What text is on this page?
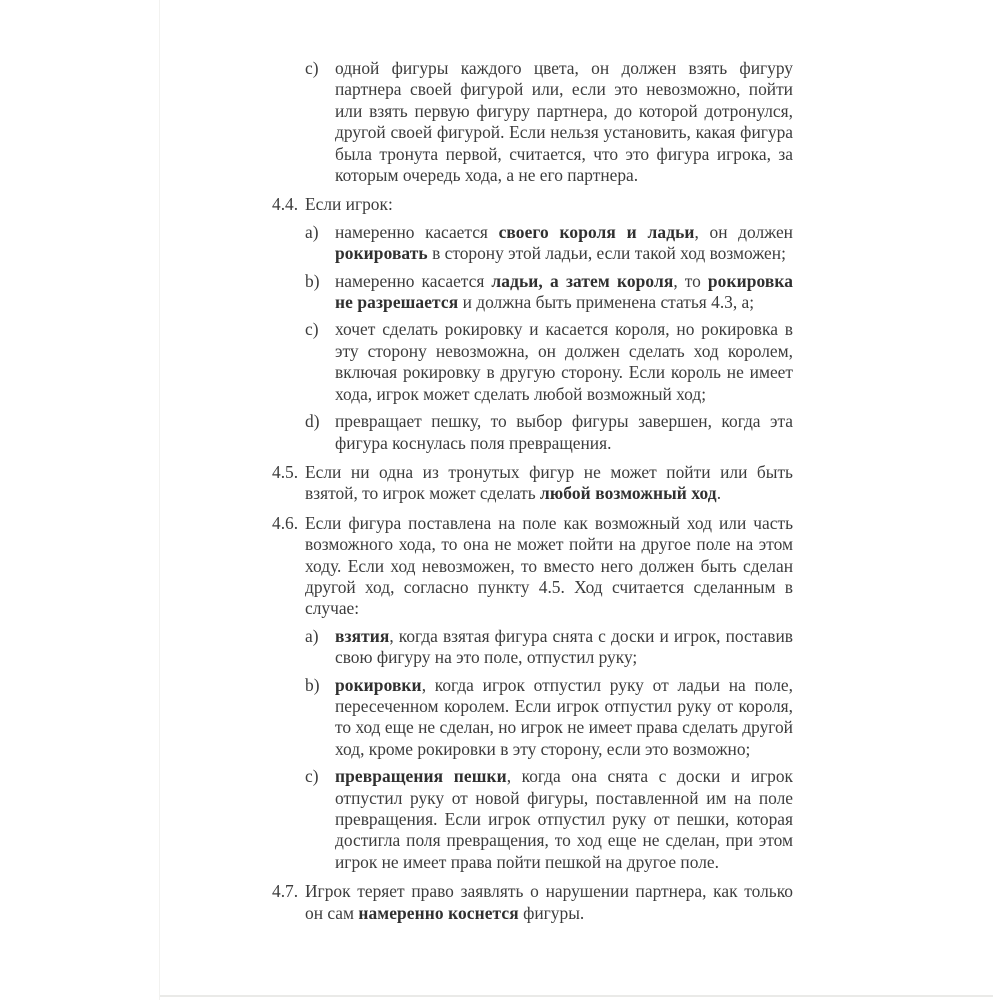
c) одной фигуры каждого цвета, он должен взять фигуру партнера своей фигурой или, если это невозможно, пойти или взять первую фигуру партнера, до которой дотронулся, другой своей фигурой. Если нельзя установить, какая фигура была тронута первой, считается, что это фигура игрока, за которым очередь хода, а не его партнера.
4.4. Если игрок:
a) намеренно касается своего короля и ладьи, он должен рокировать в сторону этой ладьи, если такой ход возможен;
b) намеренно касается ладьи, а затем короля, то рокировка не разрешается и должна быть применена статья 4.3, а;
c) хочет сделать рокировку и касается короля, но рокировка в эту сторону невозможна, он должен сделать ход королем, включая рокировку в другую сторону. Если король не имеет хода, игрок может сделать любой возможный ход;
d) превращает пешку, то выбор фигуры завершен, когда эта фигура коснулась поля превращения.
4.5. Если ни одна из тронутых фигур не может пойти или быть взятой, то игрок может сделать любой возможный ход.
4.6. Если фигура поставлена на поле как возможный ход или часть возможного хода, то она не может пойти на другое поле на этом ходу. Если ход невозможен, то вместо него должен быть сделан другой ход, согласно пункту 4.5. Ход считается сделанным в случае:
a) взятия, когда взятая фигура снята с доски и игрок, поставив свою фигуру на это поле, отпустил руку;
b) рокировки, когда игрок отпустил руку от ладьи на поле, пересеченном королем. Если игрок отпустил руку от короля, то ход еще не сделан, но игрок не имеет права сделать другой ход, кроме рокировки в эту сторону, если это возможно;
c) превращения пешки, когда она снята с доски и игрок отпустил руку от новой фигуры, поставленной им на поле превращения. Если игрок отпустил руку от пешки, которая достигла поля превращения, то ход еще не сделан, при этом игрок не имеет права пойти пешкой на другое поле.
4.7. Игрок теряет право заявлять о нарушении партнера, как только он сам намеренно коснется фигуры.
